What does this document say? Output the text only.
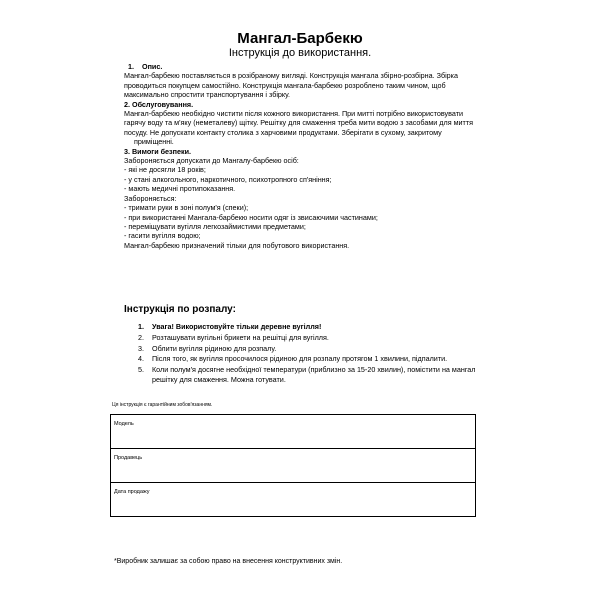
Мангал-Барбекю
Інструкція до використання.

1. Опис.

Мангал-барбекю поставляється в розібраному вигляді. Конструкція мангала збірно-розбірна. Збірка

проводиться покупцем самостійно. Конструкція мангала-барбекю розроблено таким чином, щоб

максимально спростити транспортування і збірку.

2. Обслуговування.

Мангал-барбекю необхідно чистити після кожного використання. При митті потрібно використовувати

гарячу воду та м'яку (неметалеву) щітку. Решітку для смаження треба мити водою з засобами для миття

посуду. Не допускати контакту столика з харчовими продуктами. Зберігати в сухому, закритому

приміщенні.

3. Вимоги безпеки.

Забороняється допускати до Мангалу-барбекю осіб:

- які не досягли 18 років;

- у стані алкогольного, наркотичного, психотропного сп'яніння;

- мають медичні протипоказання.

Забороняється:

- тримати руки в зоні полум'я (спеки);

- при використанні Мангала-барбекю носити одяг із звисаючими частинами;

- переміщувати вугілля легкозаймистими предметами;

- гасити вугілля водою;

Мангал-барбекю призначений тільки для побутового використання.

Інструкція по розпалу:
1. Увага! Використовуйте тільки деревне вугілля!
2. Розташувати вугільні брикети на решітці для вугілля.
3. Облити вугілля рідиною для розпалу.
4. Після того, як вугілля просочилося рідиною для розпалу протягом 1 хвилини, підпалити.
5. Коли полум'я досягне необхідної температури (приблизно за 15-20 хвилин), помістити на мангал решітку для смаження. Можна готувати.
Ця інструкція є гарантійним зобов'язанням.
Модель
Продавець
Дата продажу
*Виробник залишає за собою право на внесення конструктивних змін.
